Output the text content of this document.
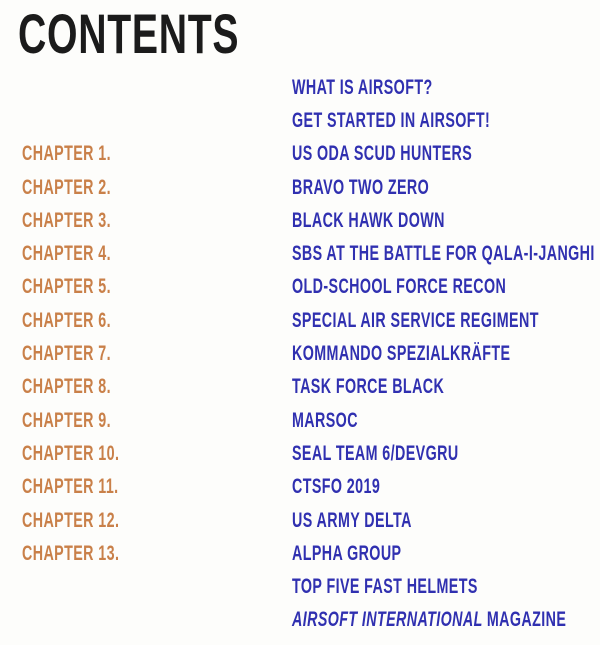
CONTENTS
WHAT IS AIRSOFT?
GET STARTED IN AIRSOFT!
CHAPTER 1.	US ODA SCUD HUNTERS
CHAPTER 2.	BRAVO TWO ZERO
CHAPTER 3.	BLACK HAWK DOWN
CHAPTER 4.	SBS AT THE BATTLE FOR QALA-I-JANGHI
CHAPTER 5.	OLD-SCHOOL FORCE RECON
CHAPTER 6.	SPECIAL AIR SERVICE REGIMENT
CHAPTER 7.	KOMMANDO SPEZIALKRÄFTE
CHAPTER 8.	TASK FORCE BLACK
CHAPTER 9.	MARSOC
CHAPTER 10.	SEAL TEAM 6/DEVGRU
CHAPTER 11.	CTSFO 2019
CHAPTER 12.	US ARMY DELTA
CHAPTER 13.	ALPHA GROUP
TOP FIVE FAST HELMETS
AIRSOFT INTERNATIONAL MAGAZINE
